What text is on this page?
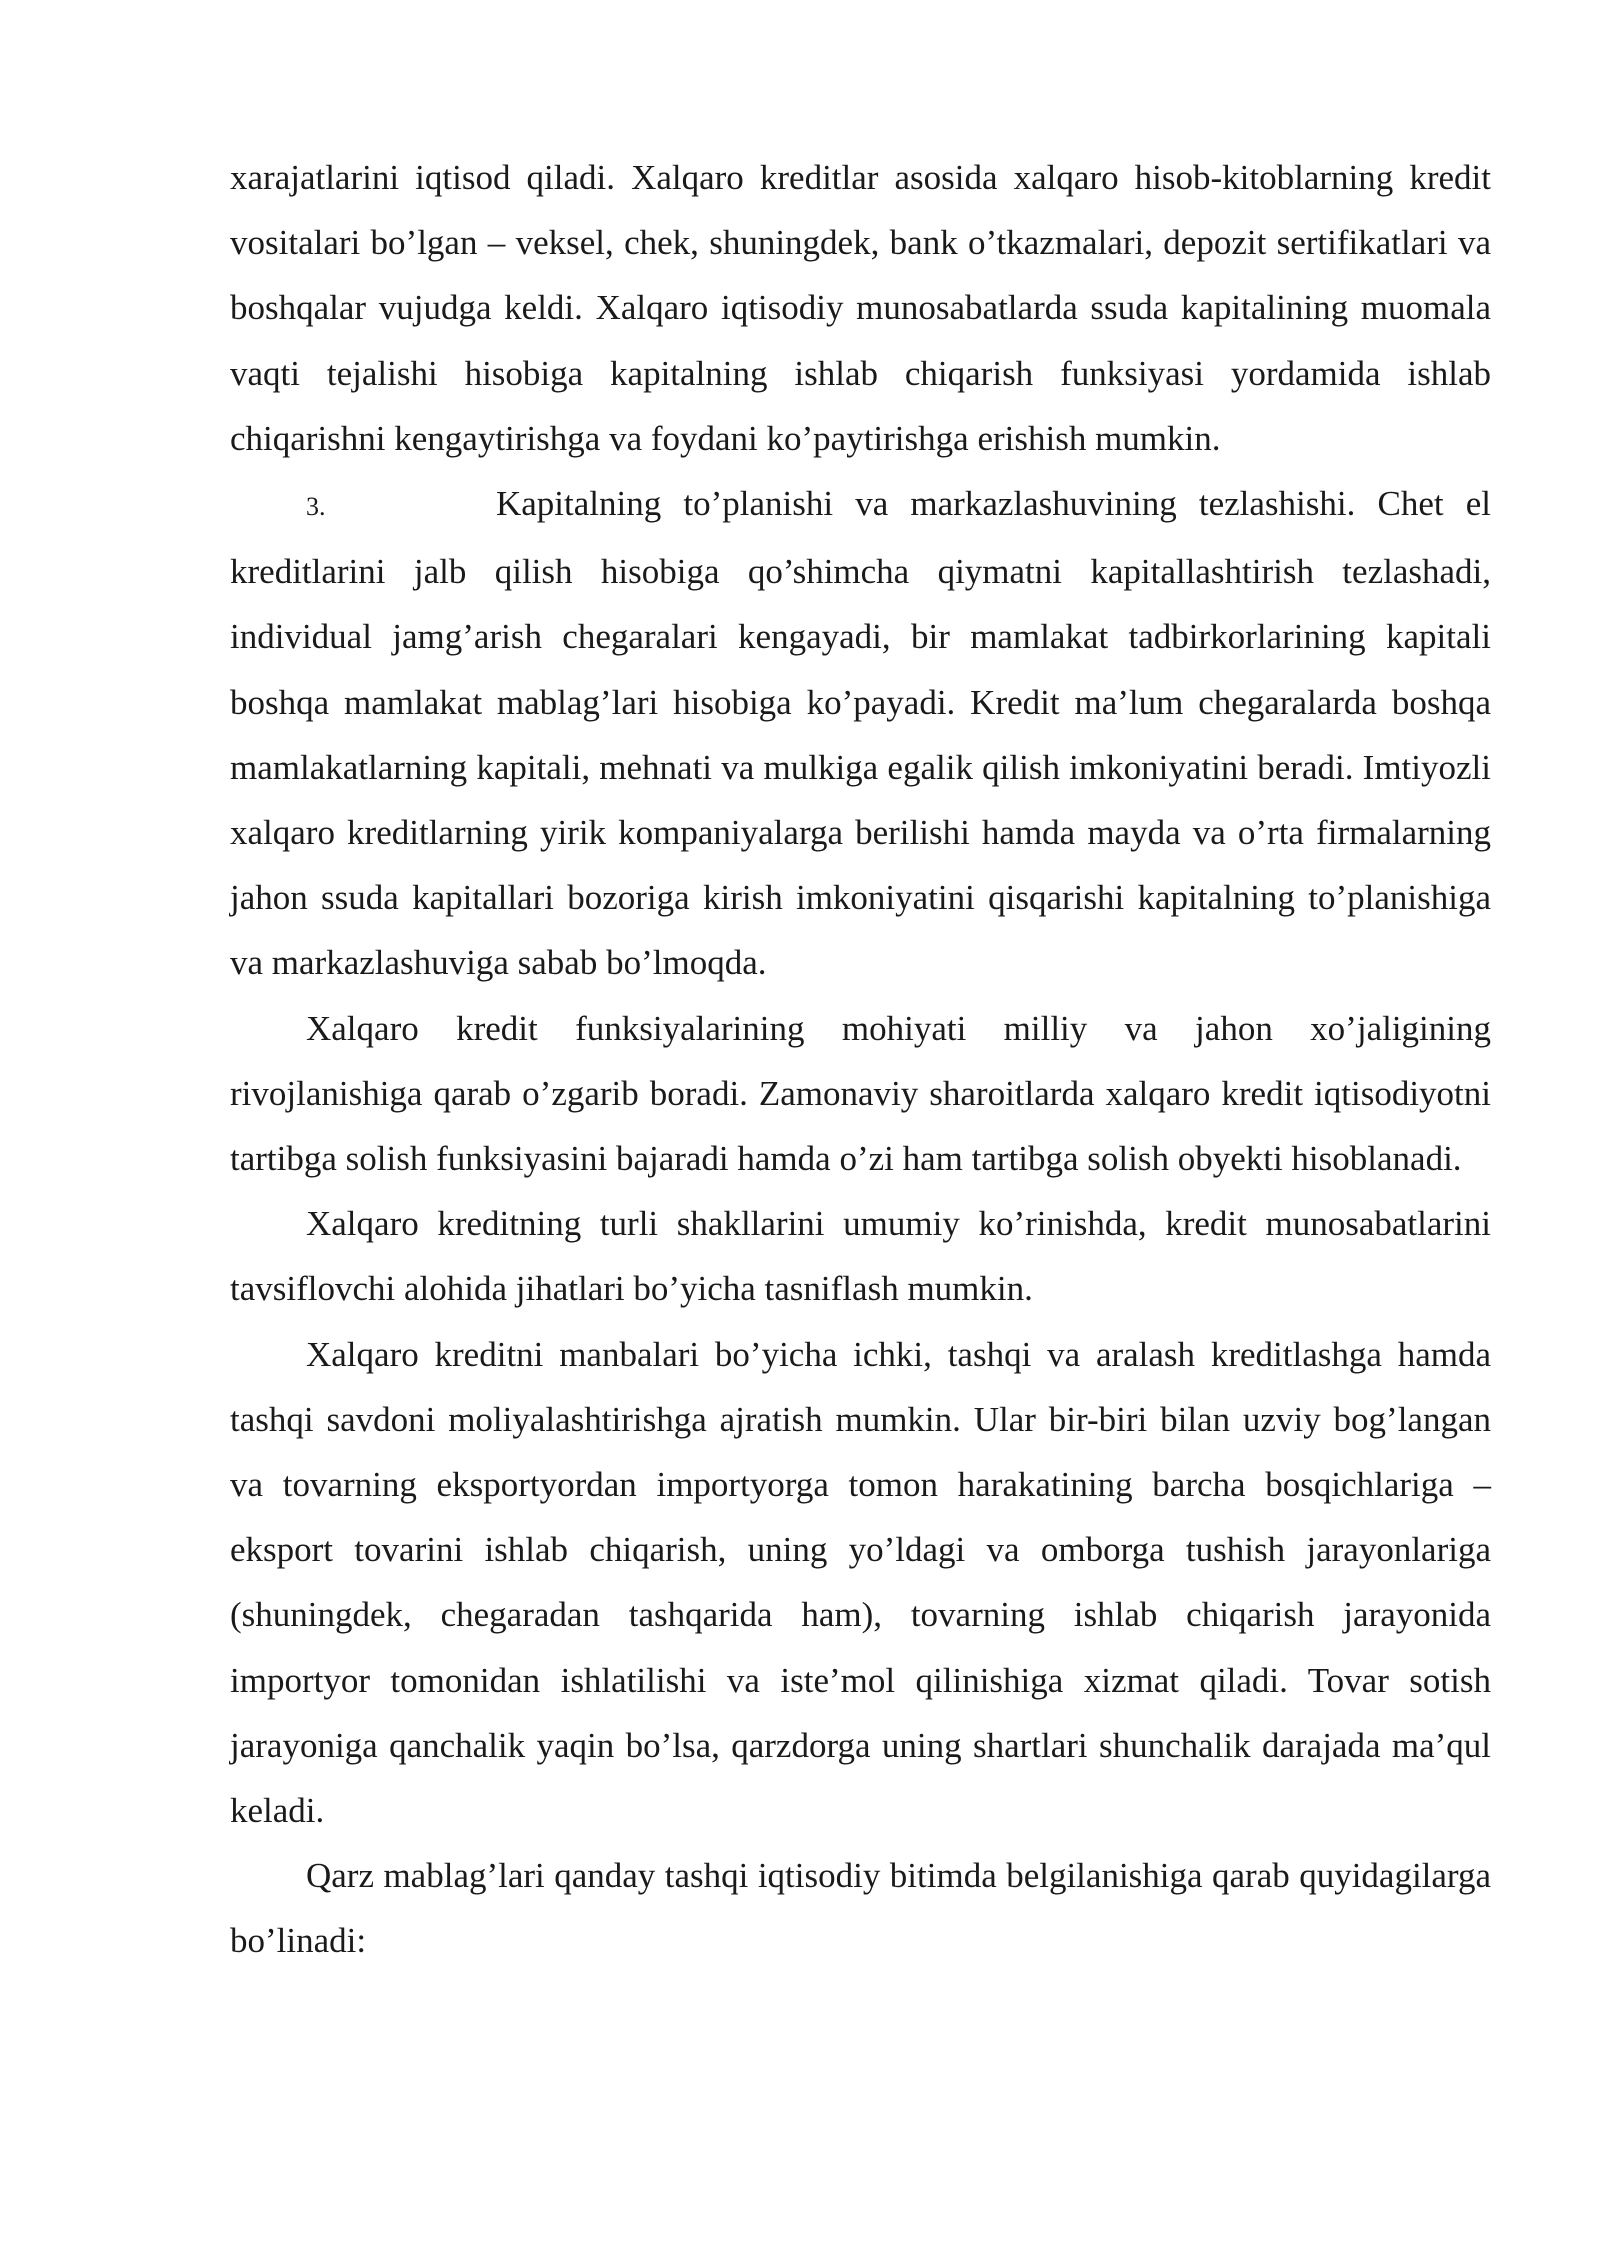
xarajatlarini iqtisod qiladi. Xalqaro kreditlar asosida xalqaro hisob-kitoblarning kredit vositalari bo’lgan – veksel, chek, shuningdek, bank o’tkazmalari, depozit sertifikatlari va boshqalar vujudga keldi. Xalqaro iqtisodiy munosabatlarda ssuda kapitalining muomala vaqti tejalishi hisobiga kapitalning ishlab chiqarish funksiyasi yordamida ishlab chiqarishni kengaytirishga va foydani ko’paytirishga erishish mumkin.

3.	Kapitalning to’planishi va markazlashuvining tezlashishi. Chet el kreditlarini jalb qilish hisobiga qo’shimcha qiymatni kapitallashtirish tezlashadi, individual jamg’arish chegaralari kengayadi, bir mamlakat tadbirkorlarining kapitali boshqa mamlakat mablag’lari hisobiga ko’payadi. Kredit ma’lum chegaralarda boshqa mamlakatlarning kapitali, mehnati va mulkiga egalik qilish imkoniyatini beradi. Imtiyozli xalqaro kreditlarning yirik kompaniyalarga berilishi hamda mayda va o’rta firmalarning jahon ssuda kapitallari bozoriga kirish imkoniyatini qisqarishi kapitalning to’planishiga va markazlashuviga sabab bo’lmoqda.

Xalqaro kredit funksiyalarining mohiyati milliy va jahon xo’jaligining rivojlanishiga qarab o’zgarib boradi. Zamonaviy sharoitlarda xalqaro kredit iqtisodiyotni tartibga solish funksiyasini bajaradi hamda o’zi ham tartibga solish obyekti hisoblanadi.

Xalqaro kreditning turli shakllarini umumiy ko’rinishda, kredit munosabatlarini tavsiflovchi alohida jihatlari bo’yicha tasniflash mumkin.

Xalqaro kreditni manbalari bo’yicha ichki, tashqi va aralash kreditlashga hamda tashqi savdoni moliyalashtirishga ajratish mumkin. Ular bir-biri bilan uzviy bog’langan va tovarning eksportyordan importyorga tomon harakatining barcha bosqichlariga – eksport tovarini ishlab chiqarish, uning yo’ldagi va omborga tushish jarayonlariga (shuningdek, chegaradan tashqarida ham), tovarning ishlab chiqarish jarayonida importyor tomonidan ishlatilishi va iste’mol qilinishiga xizmat qiladi. Tovar sotish jarayoniga qanchalik yaqin bo’lsa, qarzdorga uning shartlari shunchalik darajada ma’qul keladi.

Qarz mablag’lari qanday tashqi iqtisodiy bitimda belgilanishiga qarab quyidagilarga bo’linadi:
